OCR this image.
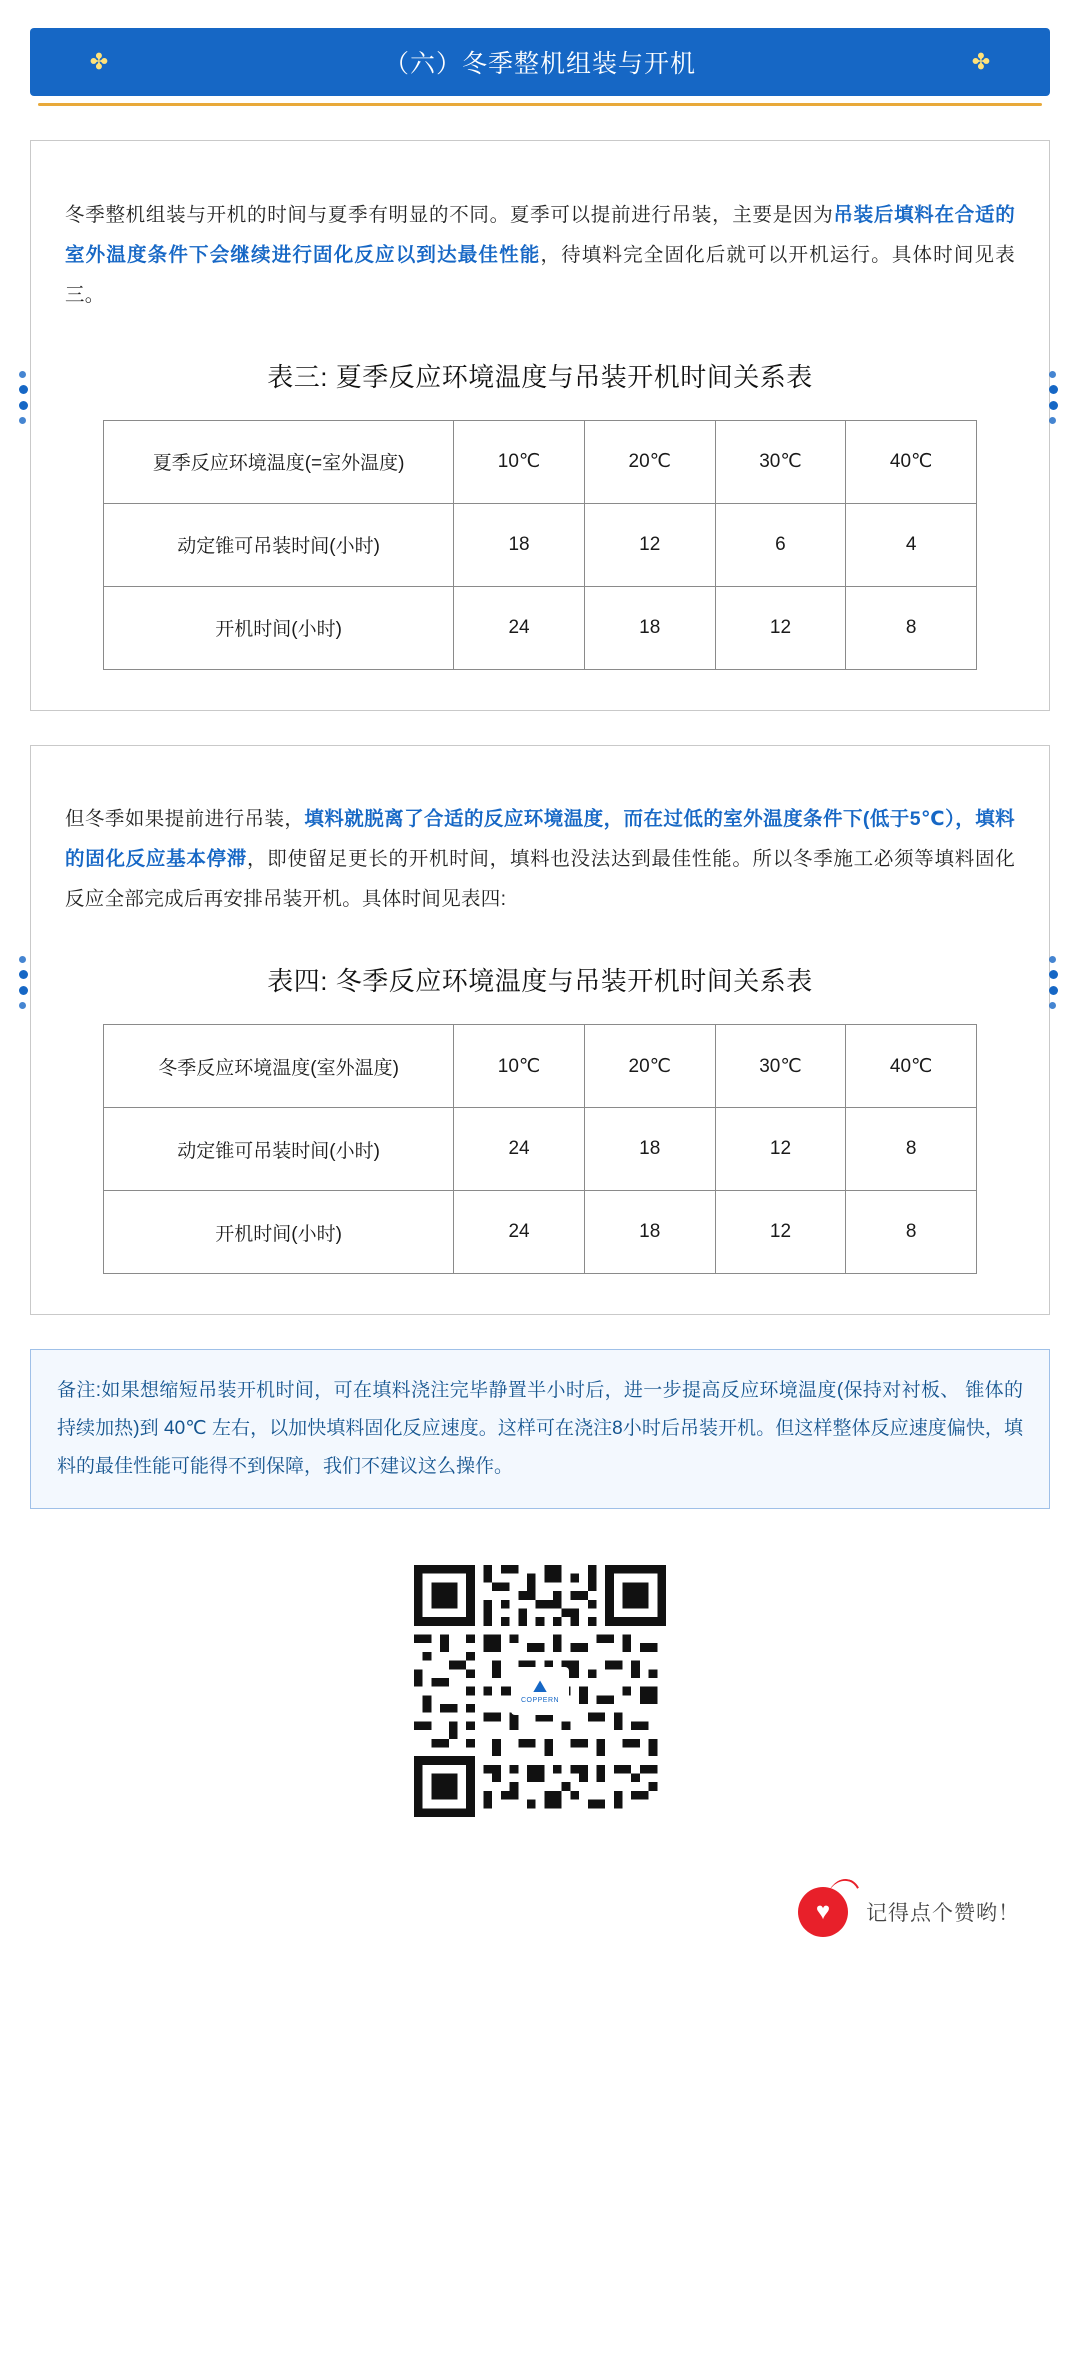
✤	（六）冬季整机组装与开机	✤

冬季整机组装与开机的时间与夏季有明显的不同。夏季可以提前进行吊装，主要是因为吊装后填料在合适的室外温度条件下会继续进行固化反应以到达最佳性能，待填料完全固化后就可以开机运行。具体时间见表三。

表三: 夏季反应环境温度与吊装开机时间关系表
夏季反应环境温度(=室外温度)	10℃	20℃	30℃	40℃
动定锥可吊装时间(小时)	18	12	6	4
开机时间(小时)	24	18	12	8

但冬季如果提前进行吊装，填料就脱离了合适的反应环境温度，而在过低的室外温度条件下(低于5℃），填料的固化反应基本停滞，即使留足更长的开机时间，填料也没法达到最佳性能。所以冬季施工必须等填料固化反应全部完成后再安排吊装开机。具体时间见表四:

表四: 冬季反应环境温度与吊装开机时间关系表
冬季反应环境温度(室外温度)	10℃	20℃	30℃	40℃
动定锥可吊装时间(小时)	24	18	12	8
开机时间(小时)	24	18	12	8
备注:如果想缩短吊装开机时间，可在填料浇注完毕静置半小时后，进一步提高反应环境温度(保持对衬板、 锥体的持续加热)到 40℃ 左右，以加快填料固化反应速度。这样可在浇注8小时后吊装开机。但这样整体反应速度偏快，填料的最佳性能可能得不到保障，我们不建议这么操作。
⛰
COPPERN
♥ 记得点个赞哟！
